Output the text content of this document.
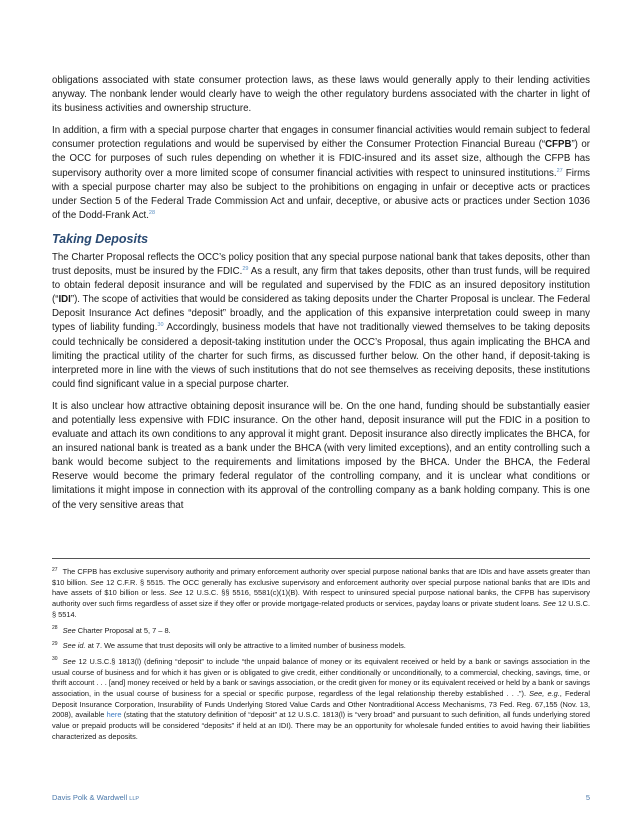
obligations associated with state consumer protection laws, as these laws would generally apply to their lending activities anyway. The nonbank lender would clearly have to weigh the other regulatory burdens associated with the charter in light of its business activities and ownership structure.

In addition, a firm with a special purpose charter that engages in consumer financial activities would remain subject to federal consumer protection regulations and would be supervised by either the Consumer Protection Financial Bureau (“CFPB”) or the OCC for purposes of such rules depending on whether it is FDIC-insured and its asset size, although the CFPB has supervisory authority over a more limited scope of consumer financial activities with respect to uninsured institutions.$^{27}$ Firms with a special purpose charter may also be subject to the prohibitions on engaging in unfair or deceptive acts or practices under Section 5 of the Federal Trade Commission Act and unfair, deceptive, or abusive acts or practices under Section 1036 of the Dodd-Frank Act.$^{28}$

Taking Deposits

The Charter Proposal reflects the OCC’s policy position that any special purpose national bank that takes deposits, other than trust deposits, must be insured by the FDIC.$^{29}$ As a result, any firm that takes deposits, other than trust funds, will be required to obtain federal deposit insurance and will be regulated and supervised by the FDIC as an insured depository institution (“IDI”). The scope of activities that would be considered as taking deposits under the Charter Proposal is unclear. The Federal Deposit Insurance Act defines “deposit” broadly, and the application of this expansive interpretation could sweep in many types of liability funding.$^{30}$ Accordingly, business models that have not traditionally viewed themselves to be taking deposits could technically be considered a deposit-taking institution under the OCC’s Proposal, thus again implicating the BHCA and limiting the practical utility of the charter for such firms, as discussed further below. On the other hand, if deposit-taking is interpreted more in line with the views of such institutions that do not see themselves as receiving deposits, these institutions could find significant value in a special purpose charter.

It is also unclear how attractive obtaining deposit insurance will be. On the one hand, funding should be substantially easier and potentially less expensive with FDIC insurance. On the other hand, deposit insurance will put the FDIC in a position to evaluate and attach its own conditions to any approval it might grant. Deposit insurance also directly implicates the BHCA, for an insured national bank is treated as a bank under the BHCA (with very limited exceptions), and an entity controlling such a bank would become subject to the requirements and limitations imposed by the BHCA. Under the BHCA, the Federal Reserve would become the primary federal regulator of the controlling company, and it is unclear what conditions or limitations it might impose in connection with its approval of the controlling company as a bank holding company. This is one of the very sensitive areas that

$^{27}$ The CFPB has exclusive supervisory authority and primary enforcement authority over special purpose national banks that are IDIs and have assets greater than $10 billion. See 12 C.F.R. § 5515. The OCC generally has exclusive supervisory and enforcement authority over special purpose national banks that are IDIs and have assets of $10 billion or less. See 12 U.S.C. §§ 5516, 5581(c)(1)(B). With respect to uninsured special purpose national banks, the CFPB has supervisory authority over such firms regardless of asset size if they offer or provide mortgage-related products or services, payday loans or private student loans. See 12 U.S.C. § 5514.

$^{28}$ See Charter Proposal at 5, 7 – 8.

$^{29}$ See id. at 7. We assume that trust deposits will only be attractive to a limited number of business models.

$^{30}$ See 12 U.S.C.§ 1813(l) (defining “deposit” to include “the unpaid balance of money or its equivalent received or held by a bank or savings association in the usual course of business and for which it has given or is obligated to give credit, either conditionally or unconditionally, to a commercial, checking, savings, time, or thrift account . . . [and] money received or held by a bank or savings association, or the credit given for money or its equivalent received or held by a bank or savings association, in the usual course of business for a special or specific purpose, regardless of the legal relationship thereby established . . .”). See, e.g., Federal Deposit Insurance Corporation, Insurability of Funds Underlying Stored Value Cards and Other Nontraditional Access Mechanisms, 73 Fed. Reg. 67,155 (Nov. 13, 2008), available here (stating that the statutory definition of “deposit” at 12 U.S.C. 1813(l) is “very broad” and pursuant to such definition, all funds underlying stored value or prepaid products will be considered “deposits” if held at an IDI). There may be an opportunity for wholesale funded entities to avoid having their liabilities characterized as deposits.

Davis Polk & Wardwell LLP	5
